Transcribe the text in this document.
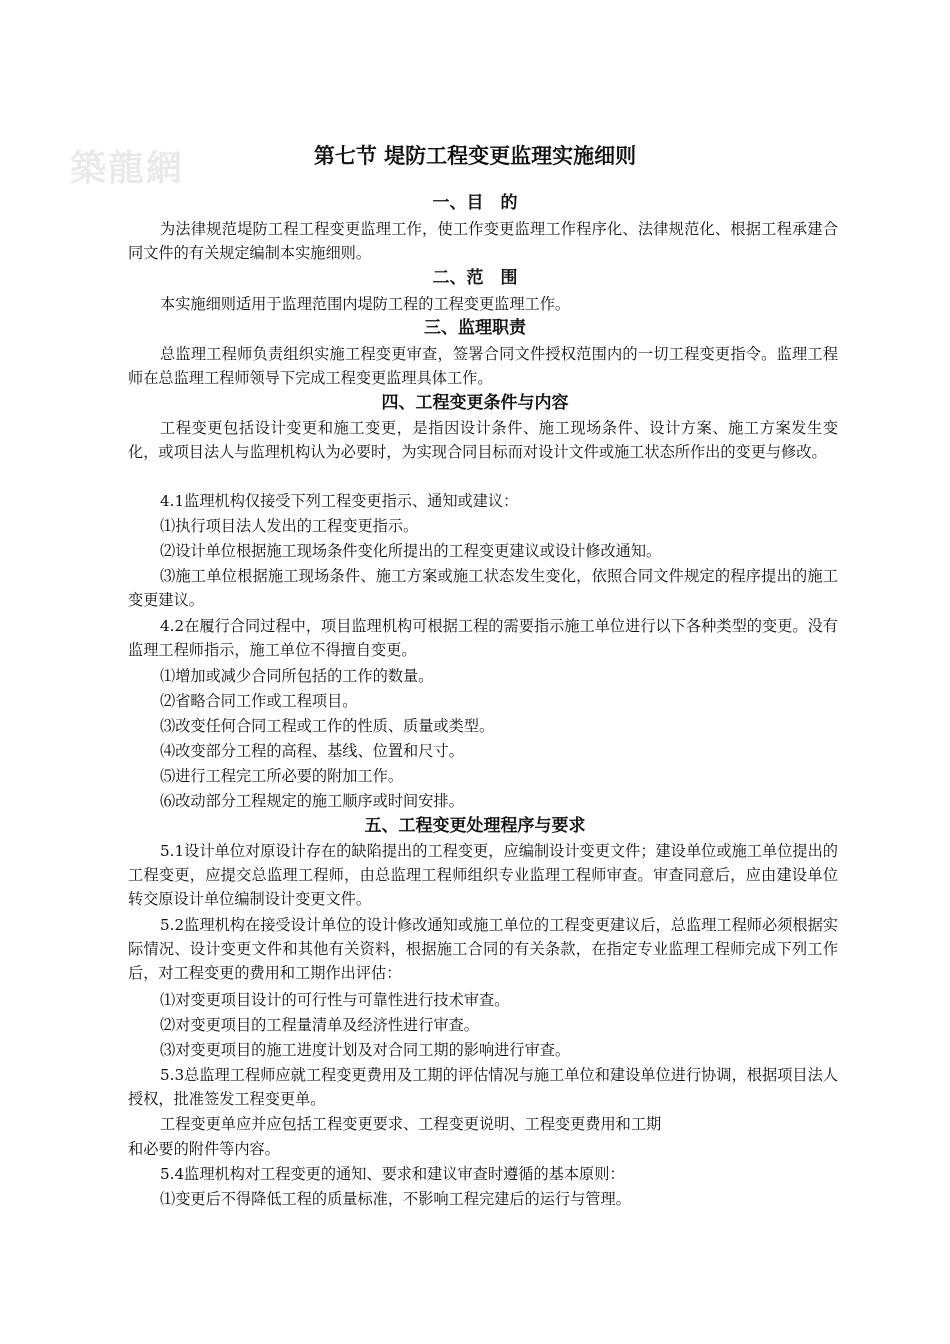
築龍網	第七节 堤防工程变更监理实施细则
一、目　的

为法律规范堤防工程工程变更监理工作，使工作变更监理工作程序化、法律规范化、根据工程承建合同文件的有关规定编制本实施细则。

二、范　围

本实施细则适用于监理范围内堤防工程的工程变更监理工作。

三、监理职责

总监理工程师负责组织实施工程变更审查，签署合同文件授权范围内的一切工程变更指令。监理工程师在总监理工程师领导下完成工程变更监理具体工作。

四、工程变更条件与内容

工程变更包括设计变更和施工变更，是指因设计条件、施工现场条件、设计方案、施工方案发生变化，或项目法人与监理机构认为必要时，为实现合同目标而对设计文件或施工状态所作出的变更与修改。

4.1监理机构仅接受下列工程变更指示、通知或建议：

⑴执行项目法人发出的工程变更指示。

⑵设计单位根据施工现场条件变化所提出的工程变更建议或设计修改通知。

⑶施工单位根据施工现场条件、施工方案或施工状态发生变化，依照合同文件规定的程序提出的施工变更建议。

4.2在履行合同过程中，项目监理机构可根据工程的需要指示施工单位进行以下各种类型的变更。没有监理工程师指示，施工单位不得擅自变更。

⑴增加或减少合同所包括的工作的数量。

⑵省略合同工作或工程项目。

⑶改变任何合同工程或工作的性质、质量或类型。

⑷改变部分工程的高程、基线、位置和尺寸。

⑸进行工程完工所必要的附加工作。

⑹改动部分工程规定的施工顺序或时间安排。

五、工程变更处理程序与要求

5.1设计单位对原设计存在的缺陷提出的工程变更，应编制设计变更文件；建设单位或施工单位提出的工程变更，应提交总监理工程师，由总监理工程师组织专业监理工程师审查。审查同意后，应由建设单位转交原设计单位编制设计变更文件。

5.2监理机构在接受设计单位的设计修改通知或施工单位的工程变更建议后，总监理工程师必须根据实际情况、设计变更文件和其他有关资料，根据施工合同的有关条款，在指定专业监理工程师完成下列工作后，对工程变更的费用和工期作出评估：

⑴对变更项目设计的可行性与可靠性进行技术审查。

⑵对变更项目的工程量清单及经济性进行审查。

⑶对变更项目的施工进度计划及对合同工期的影响进行审查。

5.3总监理工程师应就工程变更费用及工期的评估情况与施工单位和建设单位进行协调，根据项目法人授权，批准签发工程变更单。

工程变更单应并应包括工程变更要求、工程变更说明、工程变更费用和工期

和必要的附件等内容。

5.4监理机构对工程变更的通知、要求和建议审查时遵循的基本原则：

⑴变更后不得降低工程的质量标准，不影响工程完建后的运行与管理。
